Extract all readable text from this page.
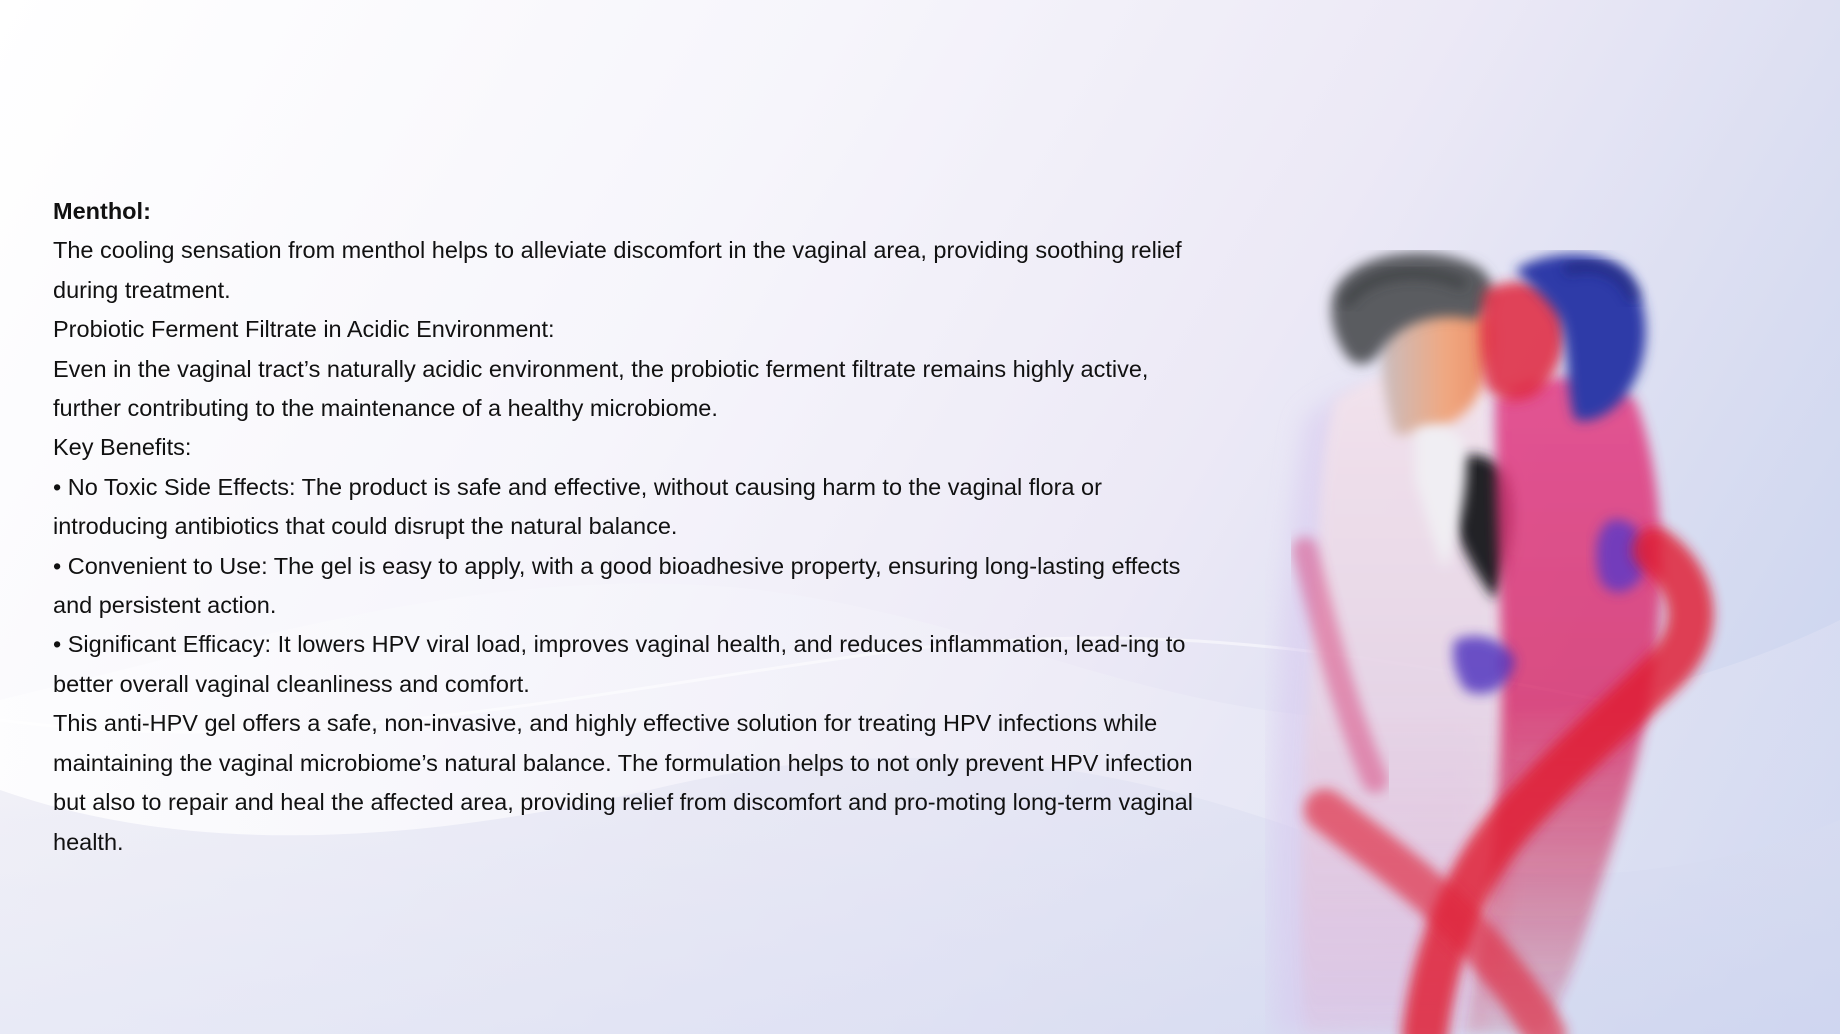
Menthol:

The cooling sensation from menthol helps to alleviate discomfort in the vaginal area, providing soothing relief during treatment.

Probiotic Ferment Filtrate in Acidic Environment:

Even in the vaginal tract’s naturally acidic environment, the probiotic ferment filtrate remains highly active, further contributing to the maintenance of a healthy microbiome.

Key Benefits:

• No Toxic Side Effects: The product is safe and effective, without causing harm to the vaginal flora or introducing antibiotics that could disrupt the natural balance.

• Convenient to Use: The gel is easy to apply, with a good bioadhesive property, ensuring long-lasting effects and persistent action.

• Significant Efficacy: It lowers HPV viral load, improves vaginal health, and reduces inflammation, lead-ing to better overall vaginal cleanliness and comfort.

This anti-HPV gel offers a safe, non-invasive, and highly effective solution for treating HPV infections while maintaining the vaginal microbiome’s natural balance. The formulation helps to not only prevent HPV infection but also to repair and heal the affected area, providing relief from discomfort and pro-moting long-term vaginal health.
